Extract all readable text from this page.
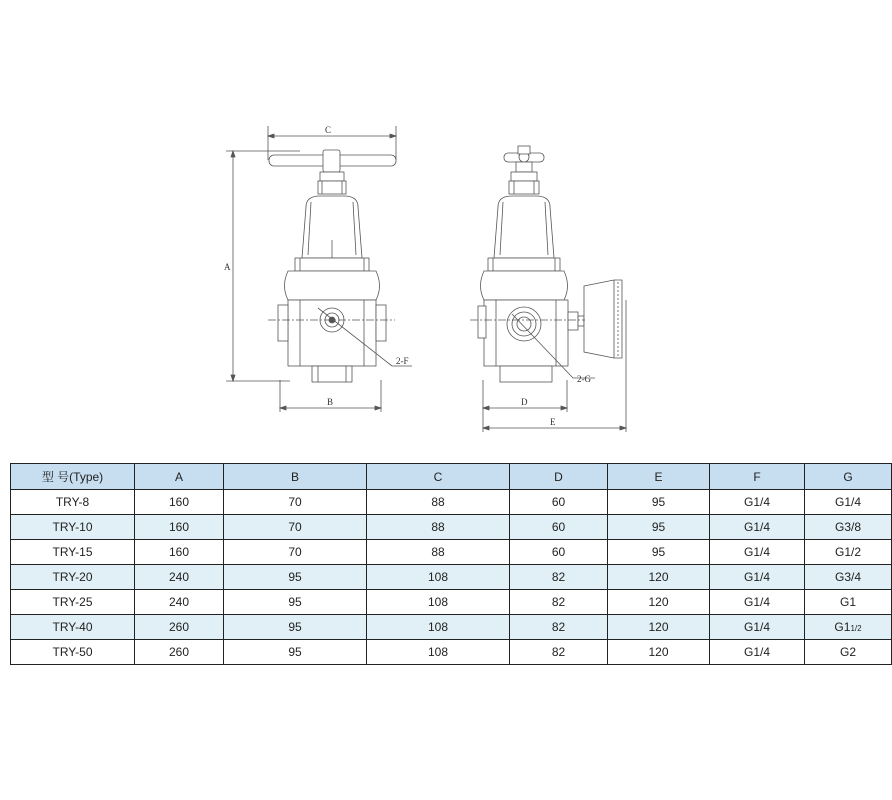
C
A
B
2-F
D
E
2-G
型 号(Type)	A	B	C	D	E	F	G
TRY-8	160	70	88	60	95	G1/4	G1/4
TRY-10	160	70	88	60	95	G1/4	G3/8
TRY-15	160	70	88	60	95	G1/4	G1/2
TRY-20	240	95	108	82	120	G1/4	G3/4
TRY-25	240	95	108	82	120	G1/4	G1
TRY-40	260	95	108	82	120	G1/4	G11/2
TRY-50	260	95	108	82	120	G1/4	G2
